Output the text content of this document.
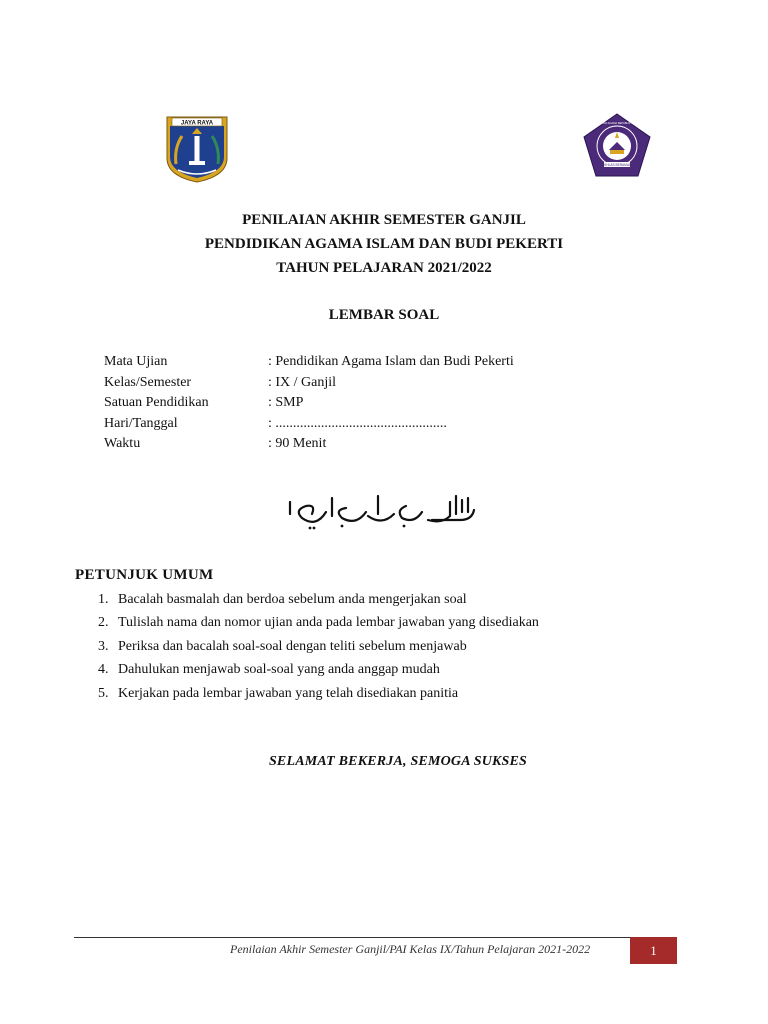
JAYA RAYA
IKHLAS BERAMAL
KEMENTERIAN AGAMA REPUBLIK INDONESIA
PENILAIAN AKHIR SEMESTER GANJIL
PENDIDIKAN AGAMA ISLAM DAN BUDI PEKERTI
TAHUN PELAJARAN 2021/2022
LEMBAR SOAL
Mata Ujian	: Pendidikan Agama Islam dan Budi Pekerti
Kelas/Semester	: IX / Ganjil
Satuan Pendidikan	: SMP
Hari/Tanggal	: .................................................
Waktu	: 90 Menit
PETUNJUK UMUM
1. Bacalah basmalah dan berdoa sebelum anda mengerjakan soal
2. Tulislah nama dan nomor ujian anda pada lembar jawaban yang disediakan
3. Periksa dan bacalah soal-soal dengan teliti sebelum menjawab
4. Dahulukan menjawab soal-soal yang anda anggap mudah
5. Kerjakan pada lembar jawaban yang telah disediakan panitia
SELAMAT BEKERJA, SEMOGA SUKSES
Penilaian Akhir Semester Ganjil/PAI Kelas IX/Tahun Pelajaran 2021-2022	1
